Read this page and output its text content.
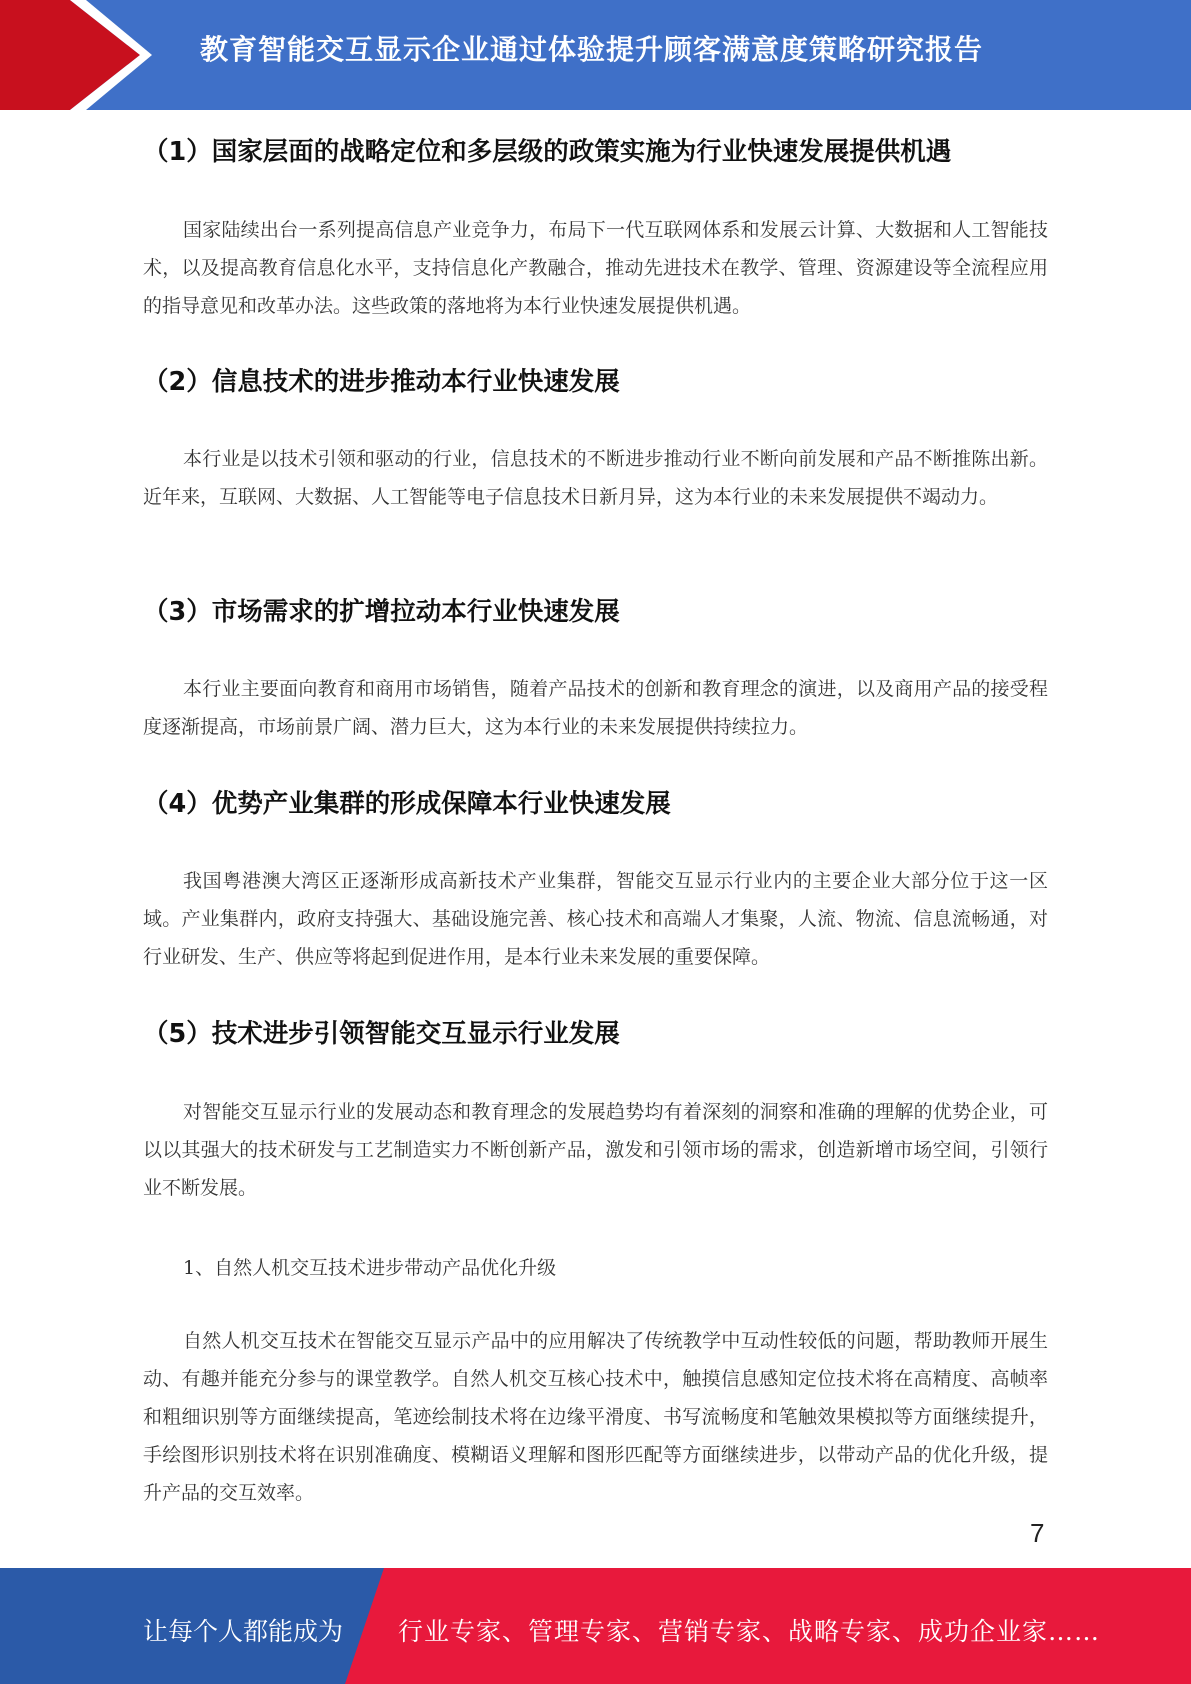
教育智能交互显示企业通过体验提升顾客满意度策略研究报告
（1）国家层面的战略定位和多层级的政策实施为行业快速发展提供机遇

国家陆续出台一系列提高信息产业竞争力，布局下一代互联网体系和发展云计算、大数据和人工智能技术，以及提高教育信息化水平，支持信息化产教融合，推动先进技术在教学、管理、资源建设等全流程应用的指导意见和改革办法。这些政策的落地将为本行业快速发展提供机遇。

（2）信息技术的进步推动本行业快速发展

本行业是以技术引领和驱动的行业，信息技术的不断进步推动行业不断向前发展和产品不断推陈出新。近年来，互联网、大数据、人工智能等电子信息技术日新月异，这为本行业的未来发展提供不竭动力。

（3）市场需求的扩增拉动本行业快速发展

本行业主要面向教育和商用市场销售，随着产品技术的创新和教育理念的演进，以及商用产品的接受程度逐渐提高，市场前景广阔、潜力巨大，这为本行业的未来发展提供持续拉力。

（4）优势产业集群的形成保障本行业快速发展

我国粤港澳大湾区正逐渐形成高新技术产业集群，智能交互显示行业内的主要企业大部分位于这一区域。产业集群内，政府支持强大、基础设施完善、核心技术和高端人才集聚，人流、物流、信息流畅通，对行业研发、生产、供应等将起到促进作用，是本行业未来发展的重要保障。

（5）技术进步引领智能交互显示行业发展

对智能交互显示行业的发展动态和教育理念的发展趋势均有着深刻的洞察和准确的理解的优势企业，可以以其强大的技术研发与工艺制造实力不断创新产品，激发和引领市场的需求，创造新增市场空间，引领行业不断发展。

1、自然人机交互技术进步带动产品优化升级

自然人机交互技术在智能交互显示产品中的应用解决了传统教学中互动性较低的问题，帮助教师开展生动、有趣并能充分参与的课堂教学。自然人机交互核心技术中，触摸信息感知定位技术将在高精度、高帧率和粗细识别等方面继续提高，笔迹绘制技术将在边缘平滑度、书写流畅度和笔触效果模拟等方面继续提升，手绘图形识别技术将在识别准确度、模糊语义理解和图形匹配等方面继续进步，以带动产品的优化升级，提升产品的交互效率。

7
让每个人都能成为 行业专家、管理专家、营销专家、战略专家、成功企业家……
